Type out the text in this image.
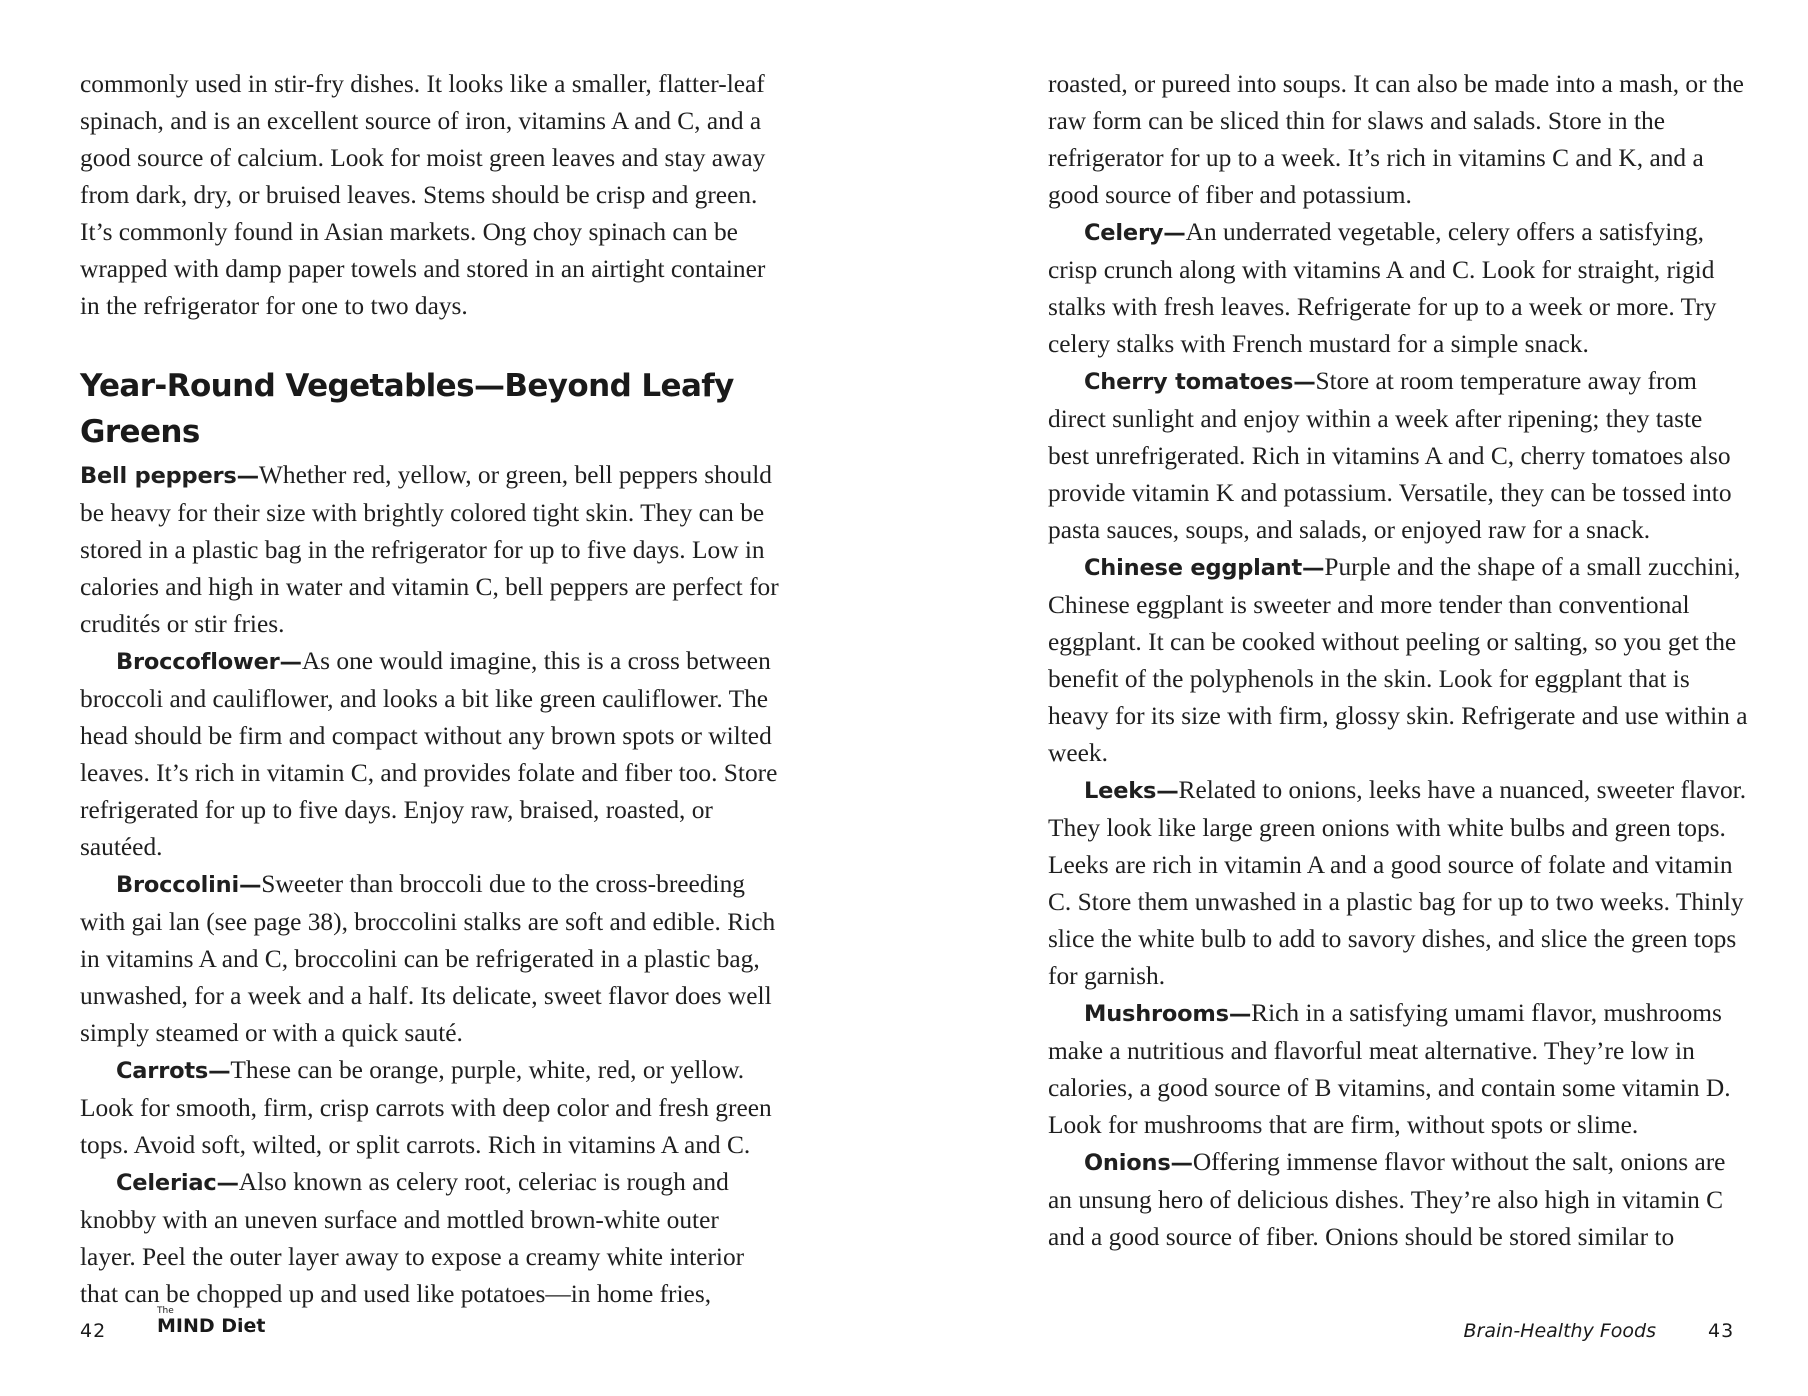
commonly used in stir-fry dishes. It looks like a smaller, flatter-leaf spinach, and is an excellent source of iron, vitamins A and C, and a good source of calcium. Look for moist green leaves and stay away from dark, dry, or bruised leaves. Stems should be crisp and green. It’s commonly found in Asian markets. Ong choy spinach can be wrapped with damp paper towels and stored in an airtight container in the refrigerator for one to two days.

Year-Round Vegetables—Beyond Leafy Greens

Bell peppers—Whether red, yellow, or green, bell peppers should be heavy for their size with brightly colored tight skin. They can be stored in a plastic bag in the refrigerator for up to five days. Low in calories and high in water and vitamin C, bell peppers are perfect for crudités or stir fries.

Broccoflower—As one would imagine, this is a cross between broccoli and cauliflower, and looks a bit like green cauliflower. The head should be firm and compact without any brown spots or wilted leaves. It’s rich in vitamin C, and provides folate and fiber too. Store refrigerated for up to five days. Enjoy raw, braised, roasted, or sautéed.

Broccolini—Sweeter than broccoli due to the cross-breeding with gai lan (see page 38), broccolini stalks are soft and edible. Rich in vitamins A and C, broccolini can be refrigerated in a plastic bag, unwashed, for a week and a half. Its delicate, sweet flavor does well simply steamed or with a quick sauté.

Carrots—These can be orange, purple, white, red, or yellow. Look for smooth, firm, crisp carrots with deep color and fresh green tops. Avoid soft, wilted, or split carrots. Rich in vitamins A and C.

Celeriac—Also known as celery root, celeriac is rough and knobby with an uneven surface and mottled brown-white outer layer. Peel the outer layer away to expose a creamy white interior that can be chopped up and used like potatoes—in home fries,

roasted, or pureed into soups. It can also be made into a mash, or the raw form can be sliced thin for slaws and salads. Store in the refrigerator for up to a week. It’s rich in vitamins C and K, and a good source of fiber and potassium.

Celery—An underrated vegetable, celery offers a satisfying, crisp crunch along with vitamins A and C. Look for straight, rigid stalks with fresh leaves. Refrigerate for up to a week or more. Try celery stalks with French mustard for a simple snack.

Cherry tomatoes—Store at room temperature away from direct sunlight and enjoy within a week after ripening; they taste best unrefrigerated. Rich in vitamins A and C, cherry tomatoes also provide vitamin K and potassium. Versatile, they can be tossed into pasta sauces, soups, and salads, or enjoyed raw for a snack.

Chinese eggplant—Purple and the shape of a small zucchini, Chinese eggplant is sweeter and more tender than conventional eggplant. It can be cooked without peeling or salting, so you get the benefit of the polyphenols in the skin. Look for eggplant that is heavy for its size with firm, glossy skin. Refrigerate and use within a week.

Leeks—Related to onions, leeks have a nuanced, sweeter flavor. They look like large green onions with white bulbs and green tops. Leeks are rich in vitamin A and a good source of folate and vitamin C. Store them unwashed in a plastic bag for up to two weeks. Thinly slice the white bulb to add to savory dishes, and slice the green tops for garnish.

Mushrooms—Rich in a satisfying umami flavor, mushrooms make a nutritious and flavorful meat alternative. They’re low in calories, a good source of B vitamins, and contain some vitamin D. Look for mushrooms that are firm, without spots or slime.

Onions—Offering immense flavor without the salt, onions are an unsung hero of delicious dishes. They’re also high in vitamin C and a good source of fiber. Onions should be stored similar to

42
The
MIND Diet	Brain-Healthy Foods	43
